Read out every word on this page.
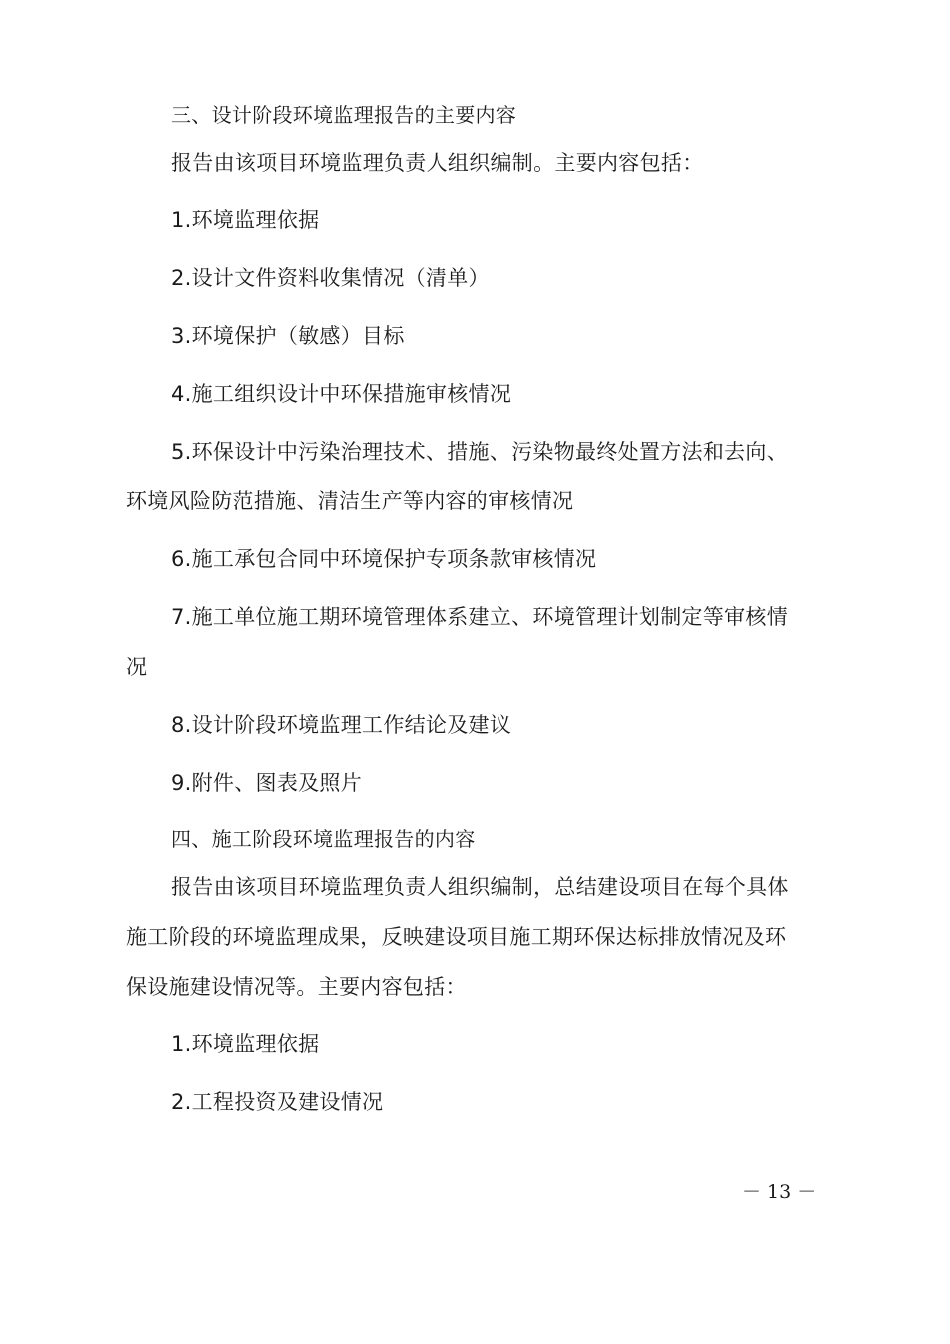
三、设计阶段环境监理报告的主要内容

报告由该项目环境监理负责人组织编制。主要内容包括：

1.环境监理依据

2.设计文件资料收集情况（清单）

3.环境保护（敏感）目标

4.施工组织设计中环保措施审核情况

5.环保设计中污染治理技术、措施、污染物最终处置方法和去向、

环境风险防范措施、清洁生产等内容的审核情况

6.施工承包合同中环境保护专项条款审核情况

7.施工单位施工期环境管理体系建立、环境管理计划制定等审核情

况

8.设计阶段环境监理工作结论及建议

9.附件、图表及照片

四、施工阶段环境监理报告的内容

报告由该项目环境监理负责人组织编制，总结建设项目在每个具体

施工阶段的环境监理成果，反映建设项目施工期环保达标排放情况及环

保设施建设情况等。主要内容包括：

1.环境监理依据

2.工程投资及建设情况

－ 13 －
